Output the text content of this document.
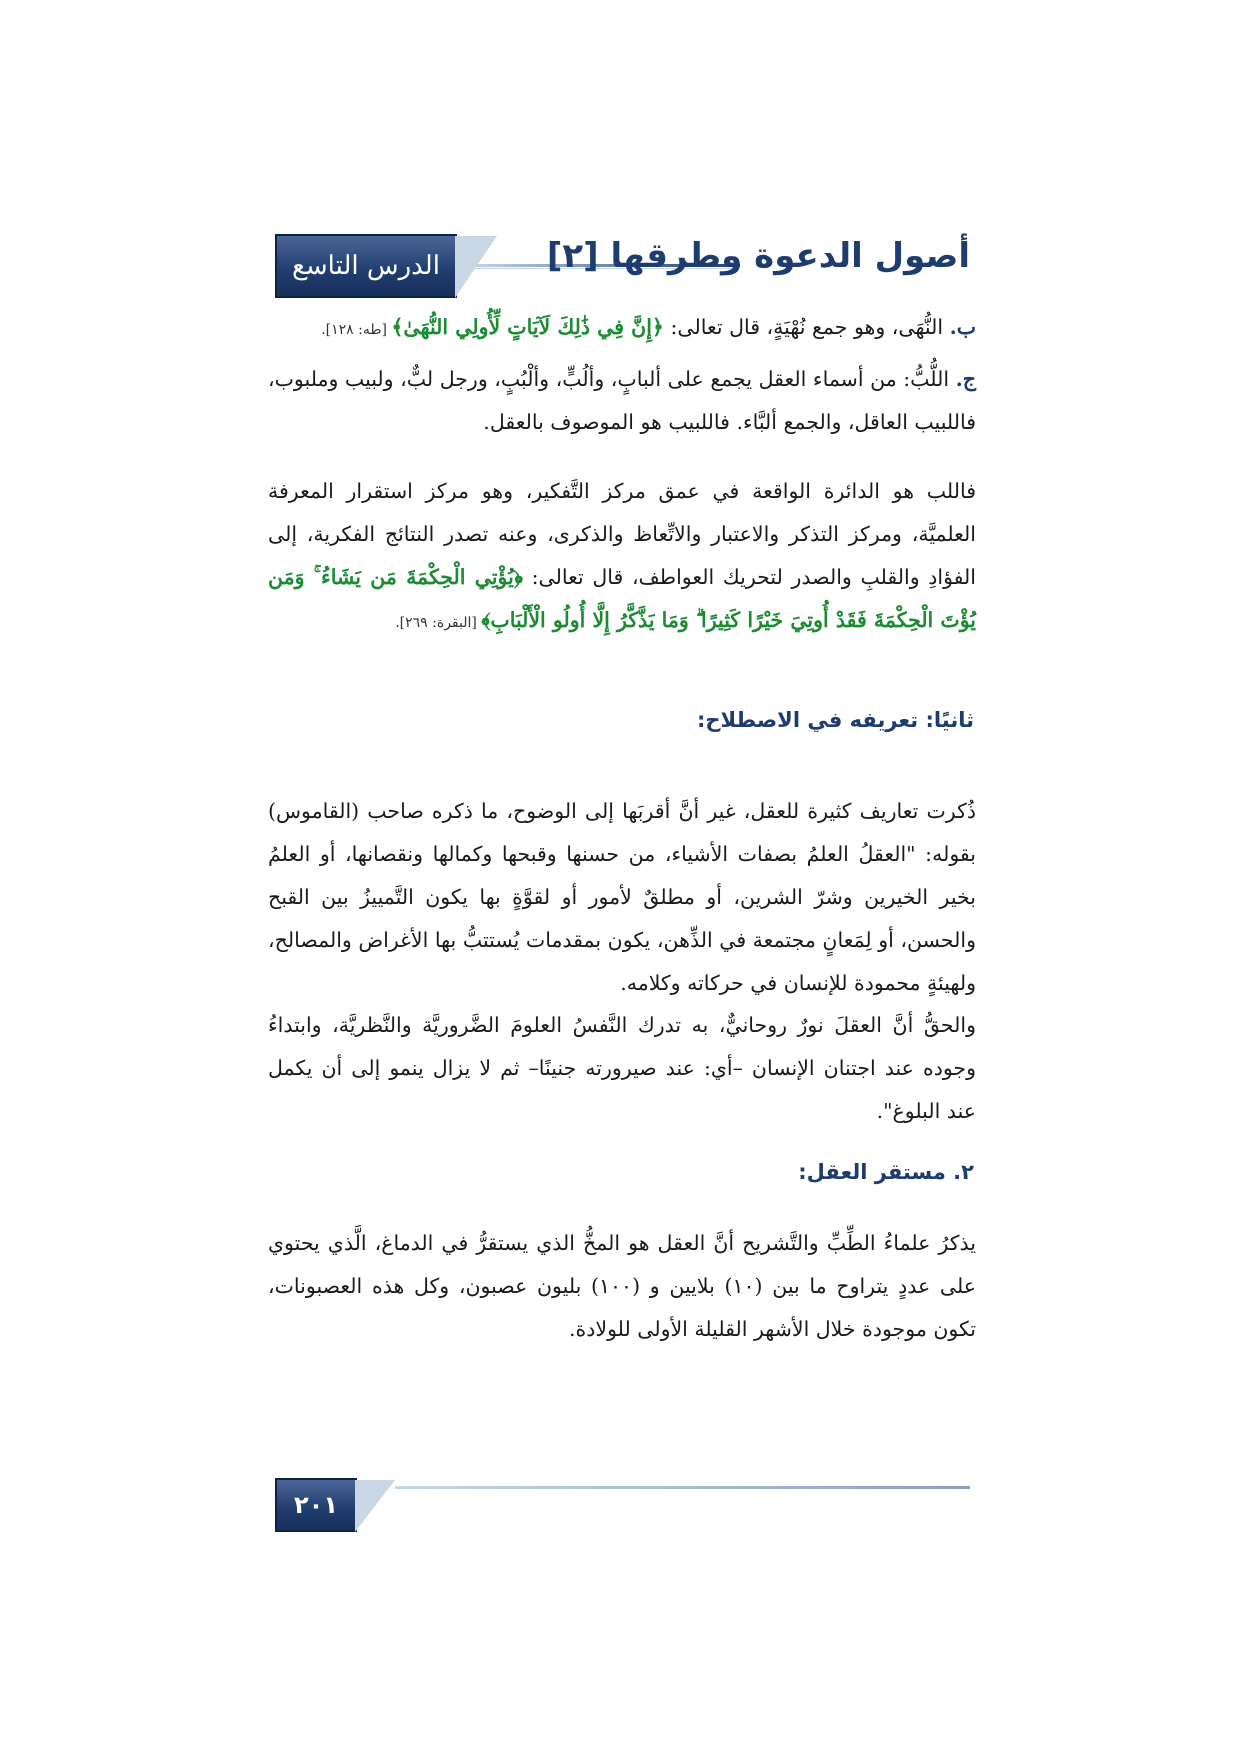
أصول الدعوة وطرقها [٢]
الدرس التاسع
ب. النُّهَى، وهو جمع نُهْيَةٍ، قال تعالى: ﴿إِنَّ فِي ذَٰلِكَ لَآيَاتٍ لِّأُولِي النُّهَىٰ﴾ [طه: ١٢٨].
ج. اللُّبُّ: من أسماء العقل يجمع على ألبابٍ، وألُبٍّ، وألْبُبٍ، ورجل لبٌّ، ولبيب وملبوب، فاللبيب العاقل، والجمع ألبَّاء. فاللبيب هو الموصوف بالعقل.
فاللب هو الدائرة الواقعة في عمق مركز التَّفكير، وهو مركز استقرار المعرفة العلميَّة، ومركز التذكر والاعتبار والاتِّعاظ والذكرى، وعنه تصدر النتائج الفكرية، إلى الفؤادِ والقلبِ والصدر لتحريك العواطف، قال تعالى: ﴿يُؤْتِي الْحِكْمَةَ مَن يَشَاءُ ۚ وَمَن يُؤْتَ الْحِكْمَةَ فَقَدْ أُوتِيَ خَيْرًا كَثِيرًا ۗ وَمَا يَذَّكَّرُ إِلَّا أُولُو الْأَلْبَابِ﴾ [البقرة: ٢٦٩].
ثانيًا: تعريفه في الاصطلاح:
ذُكرت تعاريف كثيرة للعقل، غير أنَّ أقربَها إلى الوضوح، ما ذكره صاحب (القاموس) بقوله: "العقلُ العلمُ بصفات الأشياء، من حسنها وقبحها وكمالها ونقصانها، أو العلمُ بخير الخيرين وشرّ الشرين، أو مطلقٌ لأمور أو لقوَّةٍ بها يكون التَّمييزُ بين القبح والحسن، أو لِمَعانٍ مجتمعة في الذِّهن، يكون بمقدمات يُستتبُّ بها الأغراض والمصالح، ولهيئةٍ محمودة للإنسان في حركاته وكلامه.
والحقُّ أنَّ العقلَ نورٌ روحانيٌّ، به تدرك النَّفسُ العلومَ الضَّروريَّة والنَّظريَّة، وابتداءُ وجوده عند اجتنان الإنسان –أي: عند صيرورته جنينًا– ثم لا يزال ينمو إلى أن يكمل عند البلوغ".
٢. مستقر العقل:
يذكرُ علماءُ الطِّبِّ والتَّشريح أنَّ العقل هو المخُّ الذي يستقرُّ في الدماغ، الَّذي يحتوي على عددٍ يتراوح ما بين (١٠) بلايين و (١٠٠) بليون عصبون، وكل هذه العصبونات، تكون موجودة خلال الأشهر القليلة الأولى للولادة.
٢٠١
